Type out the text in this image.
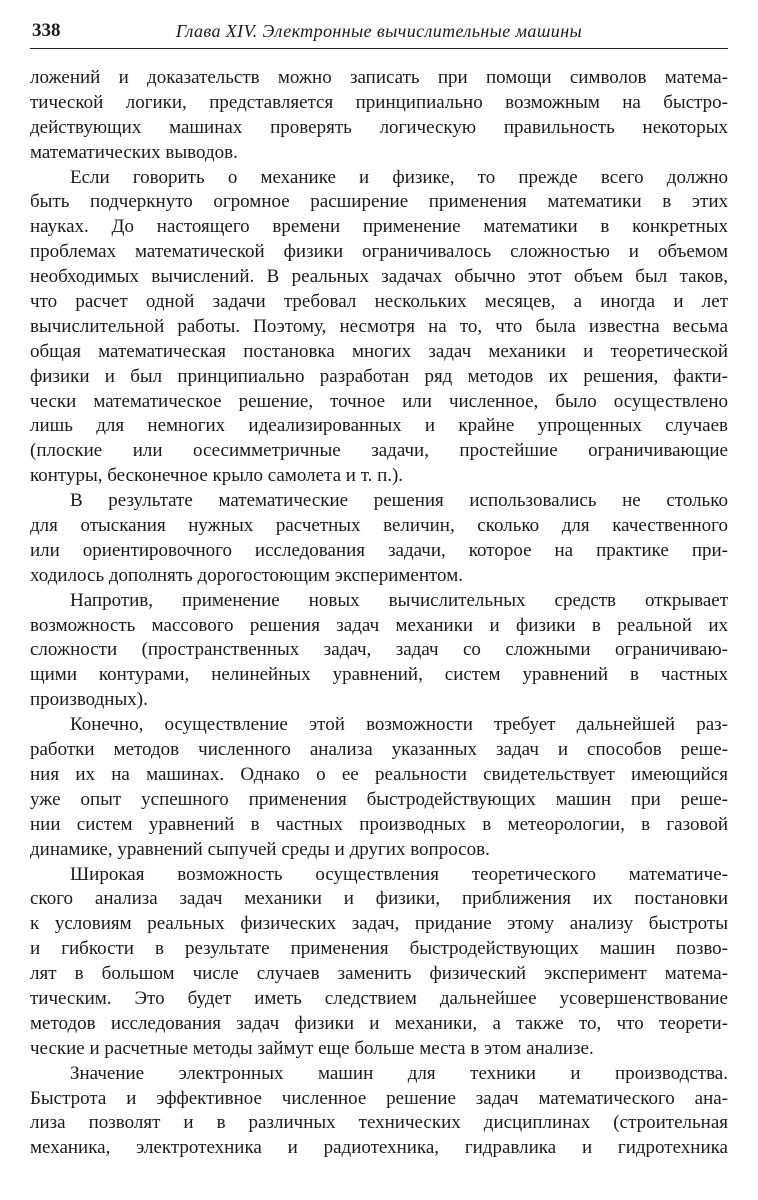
338	Глава XIV. Электронные вычислительные машины
ложений и доказательств можно записать при помощи символов матема-
тической логики, представляется принципиально возможным на быстро-
действующих машинах проверять логическую правильность некоторых
математических выводов.
Если говорить о механике и физике, то прежде всего должно
быть подчеркнуто огромное расширение применения математики в этих
науках. До настоящего времени применение математики в конкретных
проблемах математической физики ограничивалось сложностью и объемом
необходимых вычислений. В реальных задачах обычно этот объем был таков,
что расчет одной задачи требовал нескольких месяцев, а иногда и лет
вычислительной работы. Поэтому, несмотря на то, что была известна весьма
общая математическая постановка многих задач механики и теоретической
физики и был принципиально разработан ряд методов их решения, факти-
чески математическое решение, точное или численное, было осуществлено
лишь для немногих идеализированных и крайне упрощенных случаев
(плоские или осесимметричные задачи, простейшие ограничивающие
контуры, бесконечное крыло самолета и т. п.).
В результате математические решения использовались не столько
для отыскания нужных расчетных величин, сколько для качественного
или ориентировочного исследования задачи, которое на практике при-
ходилось дополнять дорогостоющим экспериментом.
Напротив, применение новых вычислительных средств открывает
возможность массового решения задач механики и физики в реальной их
сложности (пространственных задач, задач со сложными ограничиваю-
щими контурами, нелинейных уравнений, систем уравнений в частных
производных).
Конечно, осуществление этой возможности требует дальнейшей раз-
работки методов численного анализа указанных задач и способов реше-
ния их на машинах. Однако о ее реальности свидетельствует имеющийся
уже опыт успешного применения быстродействующих машин при реше-
нии систем уравнений в частных производных в метеорологии, в газовой
динамике, уравнений сыпучей среды и других вопросов.
Широкая возможность осуществления теоретического математиче-
ского анализа задач механики и физики, приближения их постановки
к условиям реальных физических задач, придание этому анализу быстроты
и гибкости в результате применения быстродействующих машин позво-
лят в большом числе случаев заменить физический эксперимент матема-
тическим. Это будет иметь следствием дальнейшее усовершенствование
методов исследования задач физики и механики, а также то, что теорети-
ческие и расчетные методы займут еще больше места в этом анализе.
Значение электронных машин для техники и производства.
Быстрота и эффективное численное решение задач математического ана-
лиза позволят и в различных технических дисциплинах (строительная
механика, электротехника и радиотехника, гидравлика и гидротехника
